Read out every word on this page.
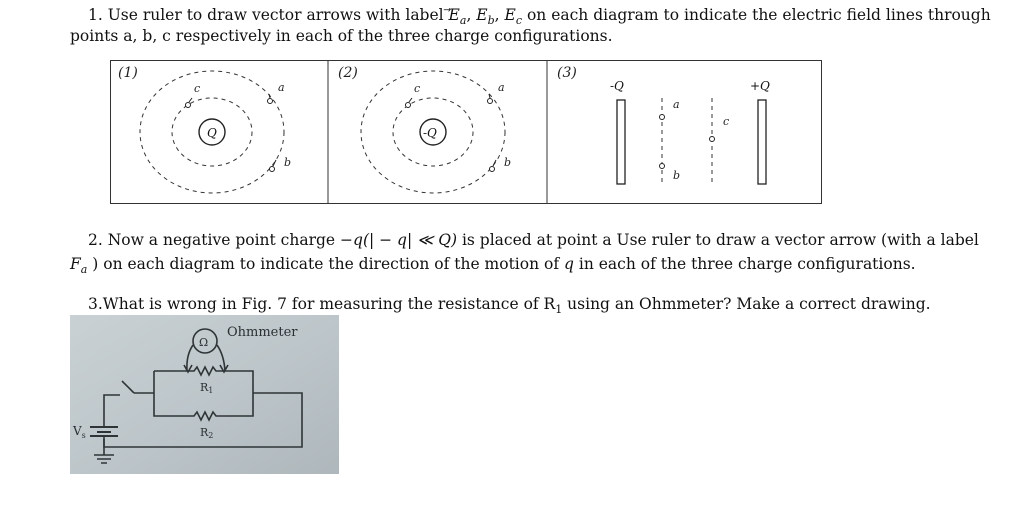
1. Use ruler to draw vector arrows with label $E_a$, $E_b$, $E_c$ on each diagram to indicate the electric field lines through
points a, b, c respectively in each of the three charge configurations.
(1)
Q
a
b
c
(2)
-Q
a
b
c
(3)
-Q	+Q
a
b
c
2. Now a negative point charge −q(| − q| ≪ Q) is placed at point a Use ruler to draw a vector arrow (with a label
$F_a$ ) on each diagram to indicate the direction of the motion of q in each of the three charge configurations.
3.What is wrong in Fig. 7 for measuring the resistance of $R_1$ using an Ohmmeter? Make a correct drawing.
Ω
Ohmmeter
R1
R2
$V_s$
